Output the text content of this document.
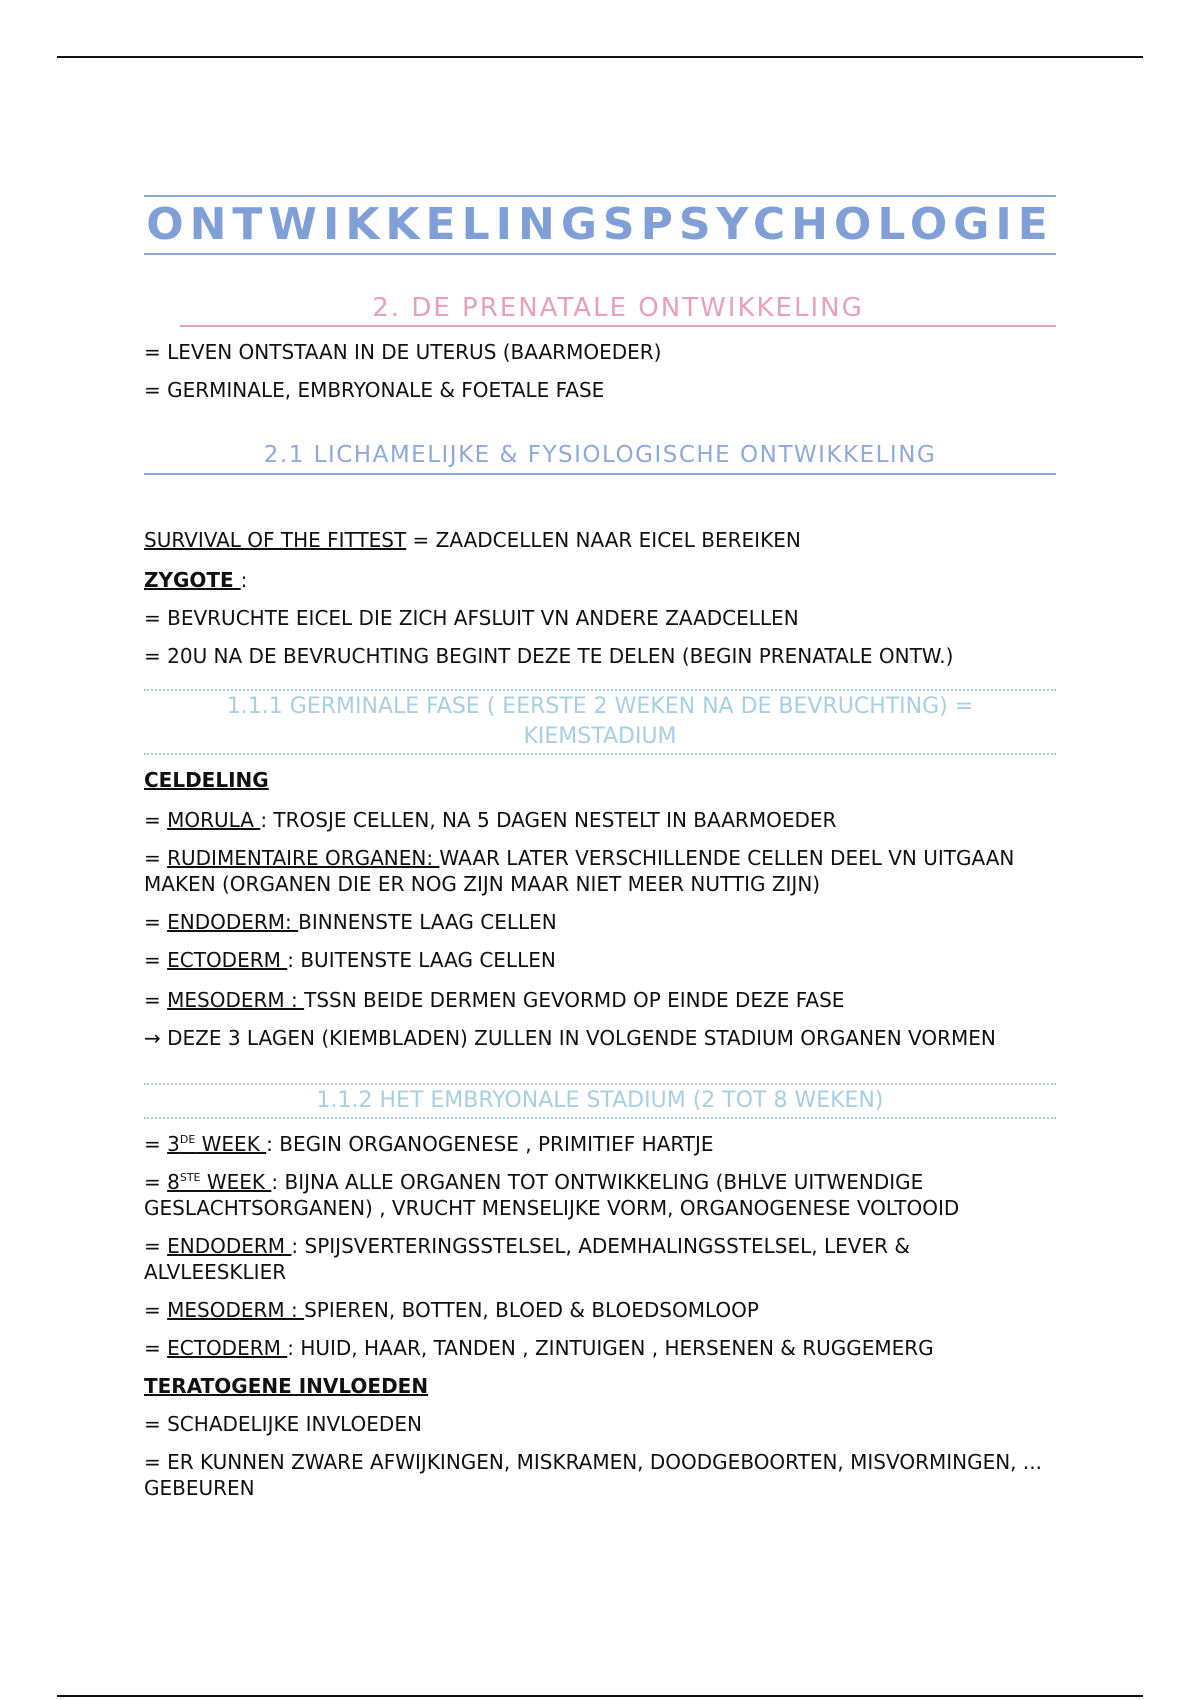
ONTWIKKELINGSPSYCHOLOGIE
2. DE PRENATALE ONTWIKKELING

= LEVEN ONTSTAAN IN DE UTERUS (BAARMOEDER)

= GERMINALE, EMBRYONALE & FOETALE FASE

2.1 LICHAMELIJKE & FYSIOLOGISCHE ONTWIKKELING

SURVIVAL OF THE FITTEST = ZAADCELLEN NAAR EICEL BEREIKEN

ZYGOTE :

= BEVRUCHTE EICEL DIE ZICH AFSLUIT VN ANDERE ZAADCELLEN

= 20U NA DE BEVRUCHTING BEGINT DEZE TE DELEN (BEGIN PRENATALE ONTW.)

1.1.1 GERMINALE FASE ( EERSTE 2 WEKEN NA DE BEVRUCHTING) = KIEMSTADIUM

CELDELING

= MORULA : TROSJE CELLEN, NA 5 DAGEN NESTELT IN BAARMOEDER

= RUDIMENTAIRE ORGANEN: WAAR LATER VERSCHILLENDE CELLEN DEEL VN UITGAAN MAKEN (ORGANEN DIE ER NOG ZIJN MAAR NIET MEER NUTTIG ZIJN)

= ENDODERM: BINNENSTE LAAG CELLEN

= ECTODERM : BUITENSTE LAAG CELLEN

= MESODERM : TSSN BEIDE DERMEN GEVORMD OP EINDE DEZE FASE

→ DEZE 3 LAGEN (KIEMBLADEN) ZULLEN IN VOLGENDE STADIUM ORGANEN VORMEN

1.1.2 HET EMBRYONALE STADIUM (2 TOT 8 WEKEN)

= 3DE WEEK : BEGIN ORGANOGENESE , PRIMITIEF HARTJE

= 8STE WEEK : BIJNA ALLE ORGANEN TOT ONTWIKKELING (BHLVE UITWENDIGE GESLACHTSORGANEN) , VRUCHT MENSELIJKE VORM, ORGANOGENESE VOLTOOID

= ENDODERM : SPIJSVERTERINGSSTELSEL, ADEMHALINGSSTELSEL, LEVER & ALVLEESKLIER

= MESODERM : SPIEREN, BOTTEN, BLOED & BLOEDSOMLOOP

= ECTODERM : HUID, HAAR, TANDEN , ZINTUIGEN , HERSENEN & RUGGEMERG

TERATOGENE INVLOEDEN

= SCHADELIJKE INVLOEDEN

= ER KUNNEN ZWARE AFWIJKINGEN, MISKRAMEN, DOODGEBOORTEN, MISVORMINGEN, ... GEBEUREN
